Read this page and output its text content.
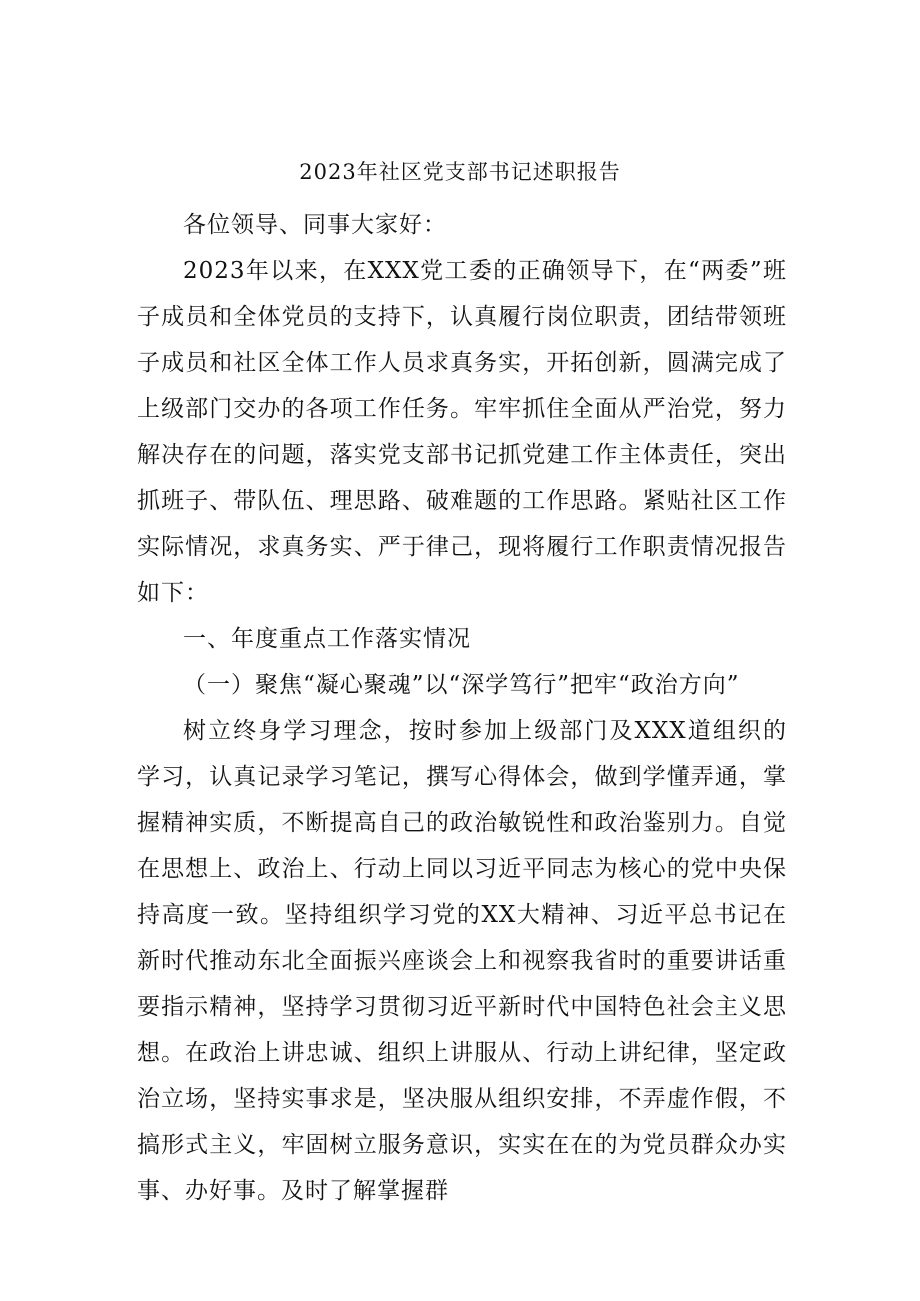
2023年社区党支部书记述职报告

各位领导、同事大家好：

2023年以来，在XXX党工委的正确领导下，在“两委”班子成员和全体党员的支持下，认真履行岗位职责，团结带领班子成员和社区全体工作人员求真务实，开拓创新，圆满完成了上级部门交办的各项工作任务。牢牢抓住全面从严治党，努力解决存在的问题，落实党支部书记抓党建工作主体责任，突出抓班子、带队伍、理思路、破难题的工作思路。紧贴社区工作实际情况，求真务实、严于律己，现将履行工作职责情况报告如下：

一、年度重点工作落实情况

（一）聚焦“凝心聚魂”以“深学笃行”把牢“政治方向”

树立终身学习理念，按时参加上级部门及XXX道组织的学习，认真记录学习笔记，撰写心得体会，做到学懂弄通，掌握精神实质，不断提高自己的政治敏锐性和政治鉴别力。自觉在思想上、政治上、行动上同以习近平同志为核心的党中央保持高度一致。坚持组织学习党的XX大精神、习近平总书记在新时代推动东北全面振兴座谈会上和视察我省时的重要讲话重要指示精神，坚持学习贯彻习近平新时代中国特色社会主义思想。在政治上讲忠诚、组织上讲服从、行动上讲纪律，坚定政治立场，坚持实事求是，坚决服从组织安排，不弄虚作假，不搞形式主义，牢固树立服务意识，实实在在的为党员群众办实事、办好事。及时了解掌握群
